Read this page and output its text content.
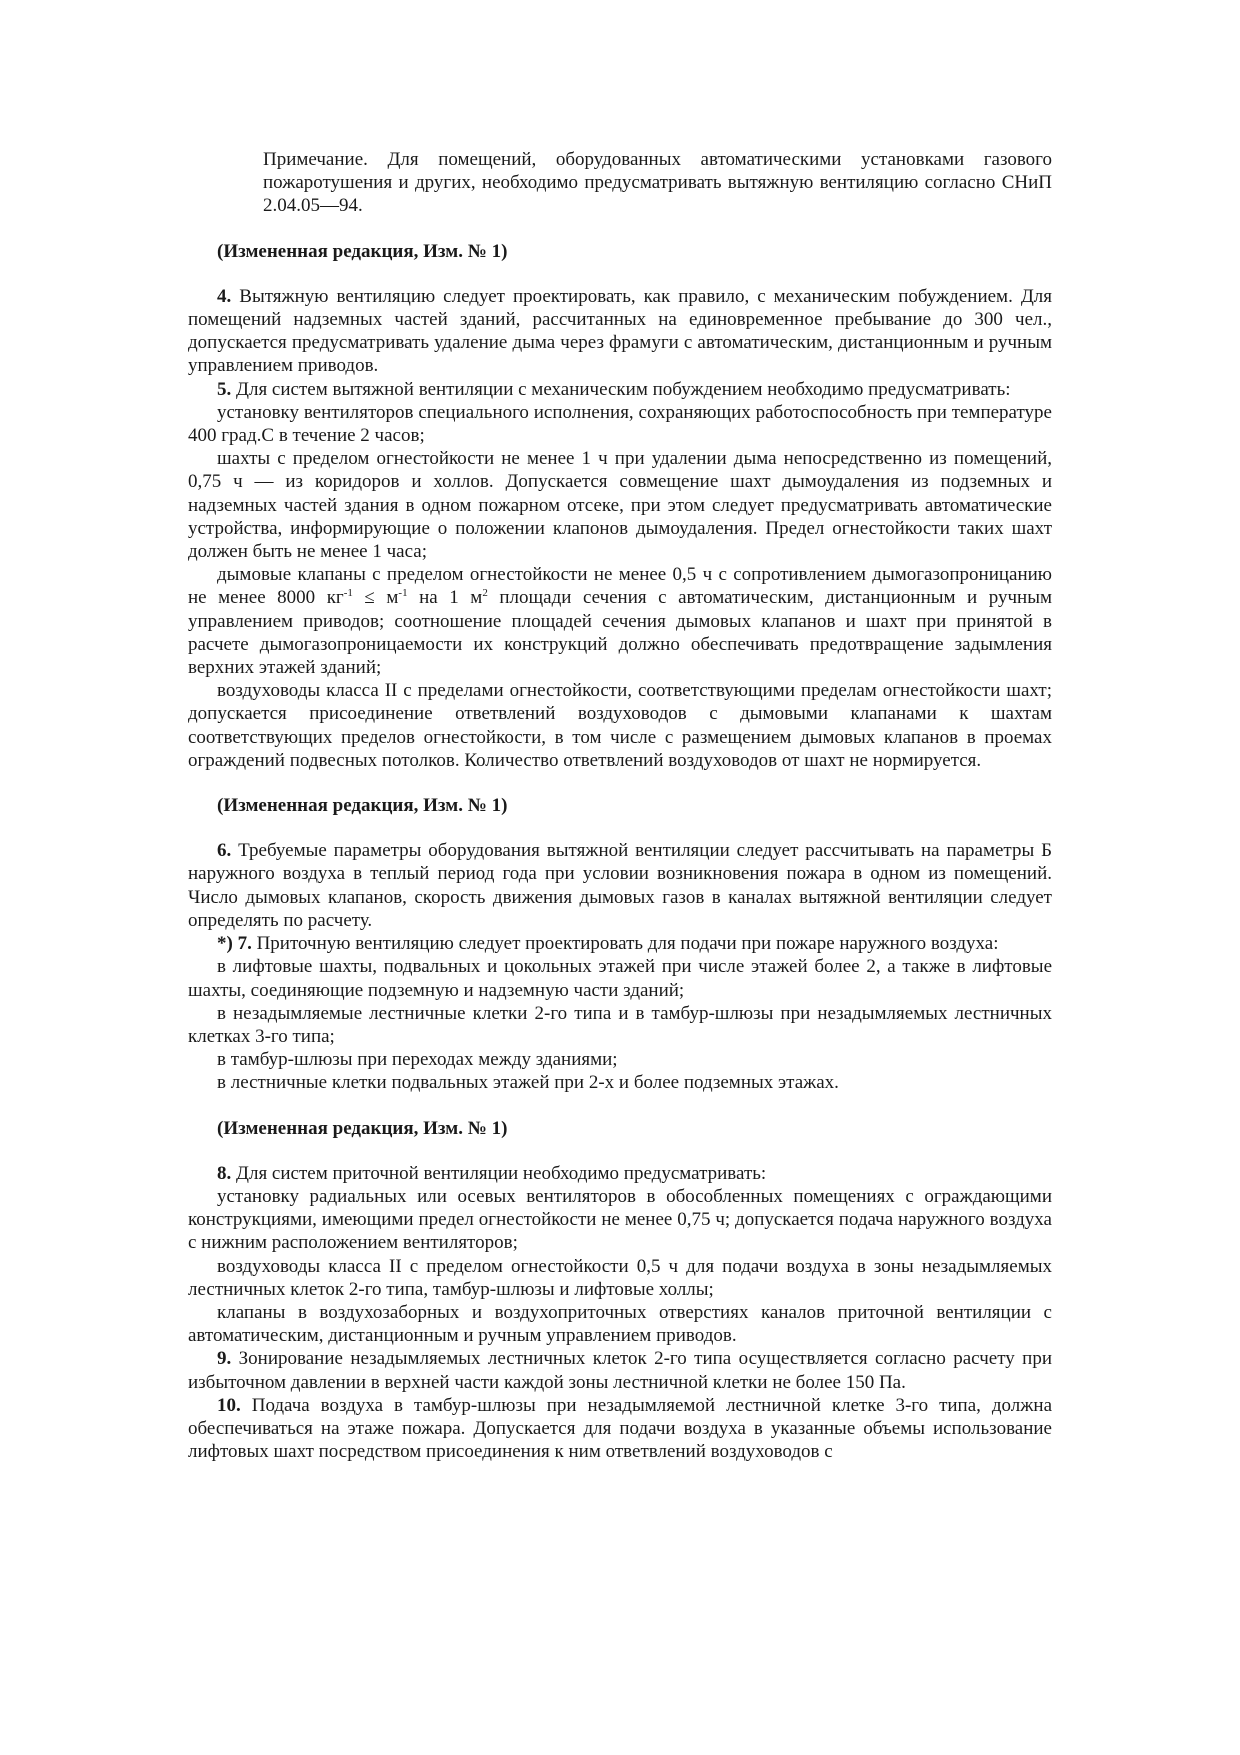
Примечание. Для помещений, оборудованных автоматическими установками газового пожаротушения и других, необходимо предусматривать вытяжную вентиляцию согласно СНиП 2.04.05—94.

(Измененная редакция, Изм. № 1)

4. Вытяжную вентиляцию следует проектировать, как правило, с механическим побуждением. Для помещений надземных частей зданий, рассчитанных на единовременное пребывание до 300 чел., допускается предусматривать удаление дыма через фрамуги с автоматическим, дистанционным и ручным управлением приводов.

5. Для систем вытяжной вентиляции с механическим побуждением необходимо предусматривать:

установку вентиляторов специального исполнения, сохраняющих работоспособность при температуре 400 град.С в течение 2 часов;

шахты с пределом огнестойкости не менее 1 ч при удалении дыма непосредственно из помещений, 0,75 ч — из коридоров и холлов. Допускается совмещение шахт дымоудаления из подземных и надземных частей здания в одном пожарном отсеке, при этом следует предусматривать автоматические устройства, информирующие о положении клапонов дымоудаления. Предел огнестойкости таких шахт должен быть не менее 1 часа;

дымовые клапаны с пределом огнестойкости не менее 0,5 ч с сопротивлением дымогазопроницанию не менее 8000 $кг^{-1} \le м^{-1}$ на 1 $м^2$ площади сечения с автоматическим, дистанционным и ручным управлением приводов; соотношение площадей сечения дымовых клапанов и шахт при принятой в расчете дымогазопроницаемости их конструкций должно обеспечивать предотвращение задымления верхних этажей зданий;

воздуховоды класса II с пределами огнестойкости, соответствующими пределам огнестойкости шахт; допускается присоединение ответвлений воздуховодов с дымовыми клапанами к шахтам соответствующих пределов огнестойкости, в том числе с размещением дымовых клапанов в проемах ограждений подвесных потолков. Количество ответвлений воздуховодов от шахт не нормируется.

(Измененная редакция, Изм. № 1)

6. Требуемые параметры оборудования вытяжной вентиляции следует рассчитывать на параметры Б наружного воздуха в теплый период года при условии возникновения пожара в одном из помещений. Число дымовых клапанов, скорость движения дымовых газов в каналах вытяжной вентиляции следует определять по расчету.

*) 7. Приточную вентиляцию следует проектировать для подачи при пожаре наружного воздуха:

в лифтовые шахты, подвальных и цокольных этажей при числе этажей более 2, а также в лифтовые шахты, соединяющие подземную и надземную части зданий;

в незадымляемые лестничные клетки 2-го типа и в тамбур-шлюзы при незадымляемых лестничных клетках 3-го типа;

в тамбур-шлюзы при переходах между зданиями;

в лестничные клетки подвальных этажей при 2-х и более подземных этажах.

(Измененная редакция, Изм. № 1)

8. Для систем приточной вентиляции необходимо предусматривать:

установку радиальных или осевых вентиляторов в обособленных помещениях с ограждающими конструкциями, имеющими предел огнестойкости не менее 0,75 ч; допускается подача наружного воздуха с нижним расположением вентиляторов;

воздуховоды класса II с пределом огнестойкости 0,5 ч для подачи воздуха в зоны незадымляемых лестничных клеток 2-го типа, тамбур-шлюзы и лифтовые холлы;

клапаны в воздухозаборных и воздухоприточных отверстиях каналов приточной вентиляции с автоматическим, дистанционным и ручным управлением приводов.

9. Зонирование незадымляемых лестничных клеток 2-го типа осуществляется согласно расчету при избыточном давлении в верхней части каждой зоны лестничной клетки не более 150 Па.

10. Подача воздуха в тамбур-шлюзы при незадымляемой лестничной клетке 3-го типа, должна обеспечиваться на этаже пожара. Допускается для подачи воздуха в указанные объемы использование лифтовых шахт посредством присоединения к ним ответвлений воздуховодов с
